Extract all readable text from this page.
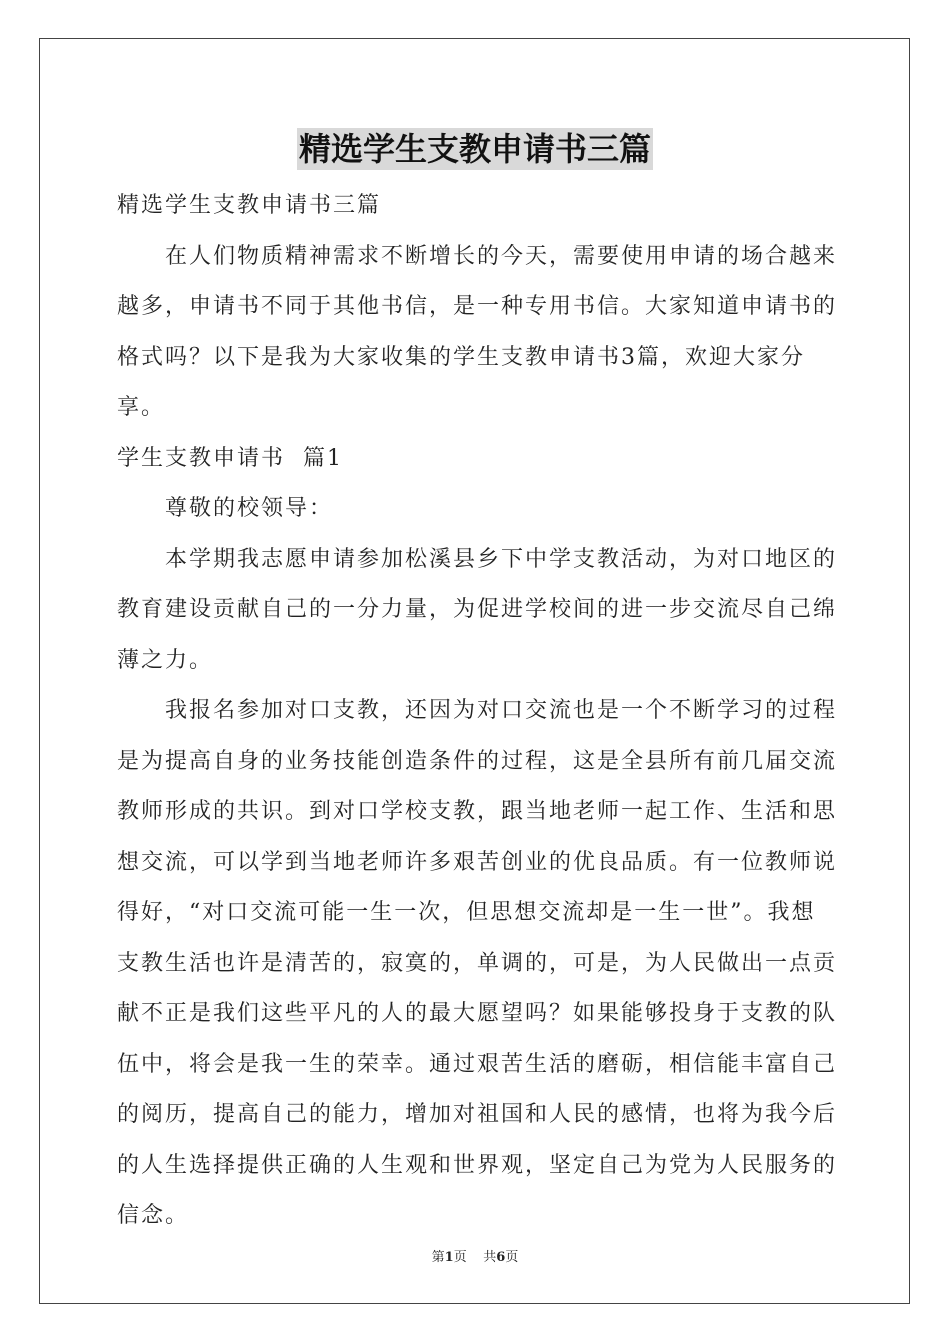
精选学生支教申请书三篇

精选学生支教申请书三篇

在人们物质精神需求不断增长的今天，需要使用申请的场合越来越多，申请书不同于其他书信，是一种专用书信。大家知道申请书的格式吗？以下是我为大家收集的学生支教申请书3篇，欢迎大家分享。

学生支教申请书  篇1

尊敬的校领导：

本学期我志愿申请参加松溪县乡下中学支教活动，为对口地区的教育建设贡献自己的一分力量，为促进学校间的进一步交流尽自己绵薄之力。

我报名参加对口支教，还因为对口交流也是一个不断学习的过程是为提高自身的业务技能创造条件的过程，这是全县所有前几届交流教师形成的共识。到对口学校支教，跟当地老师一起工作、生活和思想交流，可以学到当地老师许多艰苦创业的优良品质。有一位教师说得好，“对口交流可能一生一次，但思想交流却是一生一世”。我想支教生活也许是清苦的，寂寞的，单调的，可是，为人民做出一点贡献不正是我们这些平凡的人的最大愿望吗？如果能够投身于支教的队伍中，将会是我一生的荣幸。通过艰苦生活的磨砺，相信能丰富自己的阅历，提高自己的能力，增加对祖国和人民的感情，也将为我今后的人生选择提供正确的人生观和世界观，坚定自己为党为人民服务的信念。

第1页 共6页
